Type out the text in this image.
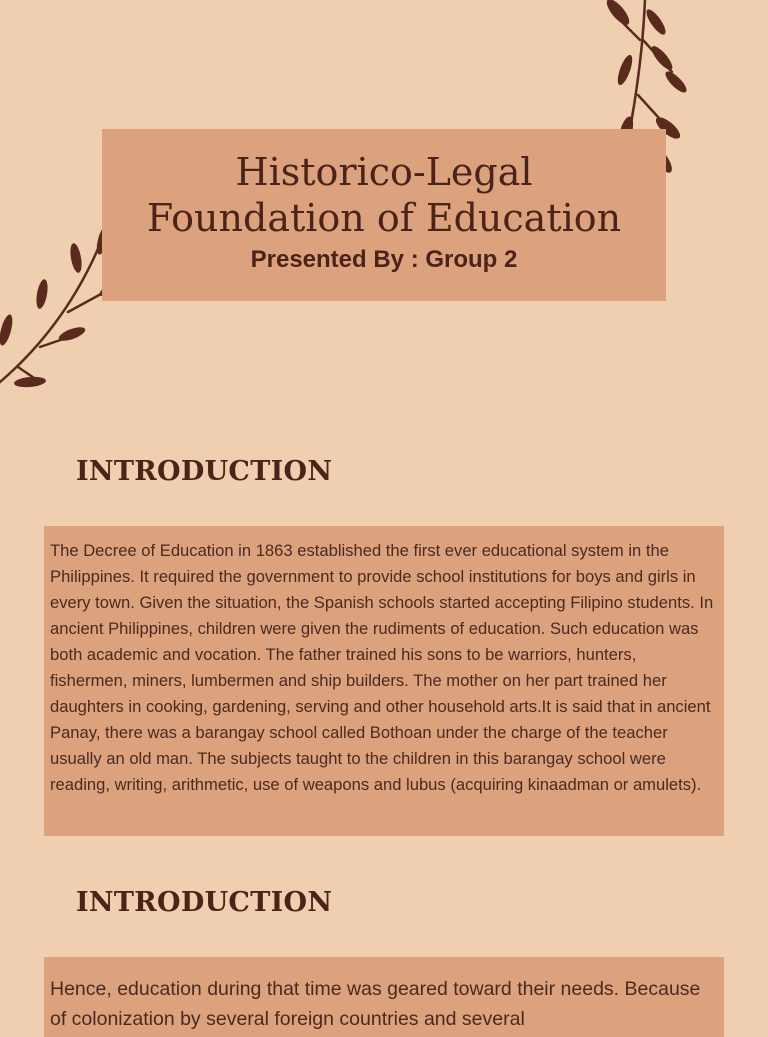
Historico-Legal
Foundation of Education
Presented By : Group 2
INTRODUCTION

The Decree of Education in 1863 established the first ever educational system in the Philippines. It required the government to provide school institutions for boys and girls in every town. Given the situation, the Spanish schools started accepting Filipino students. In ancient Philippines, children were given the rudiments of education. Such education was both academic and vocation. The father trained his sons to be warriors, hunters, fishermen, miners, lumbermen and ship builders. The mother on her part trained her daughters in cooking, gardening, serving and other household arts.It is said that in ancient Panay, there was a barangay school called Bothoan under the charge of the teacher usually an old man. The subjects taught to the children in this barangay school were reading, writing, arithmetic, use of weapons and lubus (acquiring kinaadman or amulets).

INTRODUCTION

Hence, education during that time was geared toward their needs. Because of colonization by several foreign countries and several
